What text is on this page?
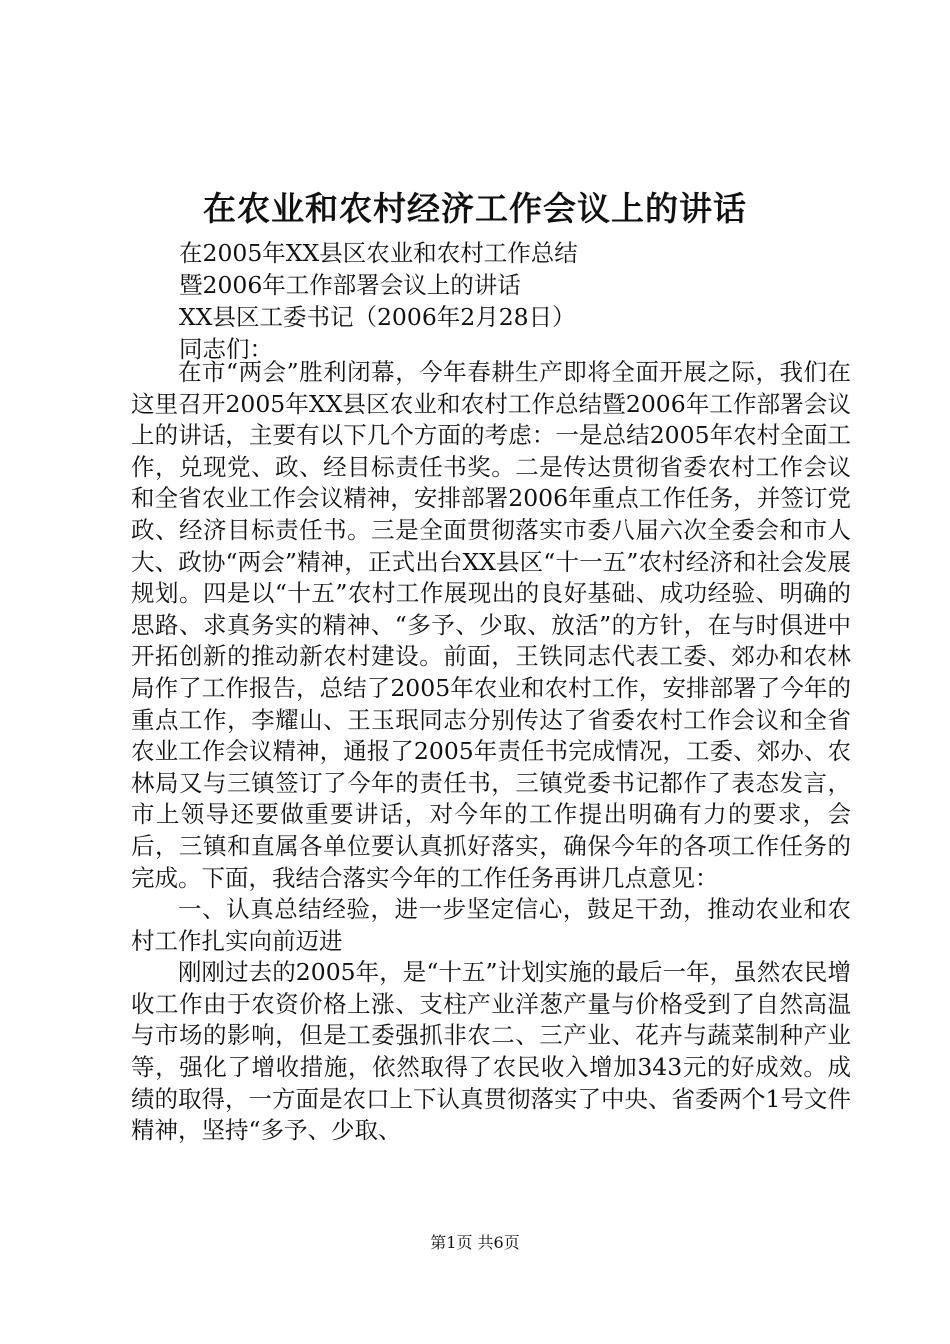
在农业和农村经济工作会议上的讲话
在2005年XX县区农业和农村工作总结
暨2006年工作部署会议上的讲话
XX县区工委书记（2006年2月28日）
同志们：

在市“两会”胜利闭幕，今年春耕生产即将全面开展之际，我们在这里召开2005年XX县区农业和农村工作总结暨2006年工作部署会议上的讲话，主要有以下几个方面的考虑：一是总结2005年农村全面工作，兑现党、政、经目标责任书奖。二是传达贯彻省委农村工作会议和全省农业工作会议精神，安排部署2006年重点工作任务，并签订党政、经济目标责任书。三是全面贯彻落实市委八届六次全委会和市人大、政协“两会”精神，正式出台XX县区“十一五”农村经济和社会发展规划。四是以“十五”农村工作展现出的良好基础、成功经验、明确的思路、求真务实的精神、“多予、少取、放活”的方针，在与时俱进中开拓创新的推动新农村建设。前面，王铁同志代表工委、郊办和农林局作了工作报告，总结了2005年农业和农村工作，安排部署了今年的重点工作，李耀山、王玉珉同志分别传达了省委农村工作会议和全省农业工作会议精神，通报了2005年责任书完成情况，工委、郊办、农林局又与三镇签订了今年的责任书，三镇党委书记都作了表态发言，市上领导还要做重要讲话，对今年的工作提出明确有力的要求，会后，三镇和直属各单位要认真抓好落实，确保今年的各项工作任务的完成。下面，我结合落实今年的工作任务再讲几点意见：

一、认真总结经验，进一步坚定信心，鼓足干劲，推动农业和农村工作扎实向前迈进

刚刚过去的2005年，是“十五”计划实施的最后一年，虽然农民增收工作由于农资价格上涨、支柱产业洋葱产量与价格受到了自然高温与市场的影响，但是工委强抓非农二、三产业、花卉与蔬菜制种产业等，强化了增收措施，依然取得了农民收入增加343元的好成效。成绩的取得，一方面是农口上下认真贯彻落实了中央、省委两个1号文件精神，坚持“多予、少取、

第1页 共6页
